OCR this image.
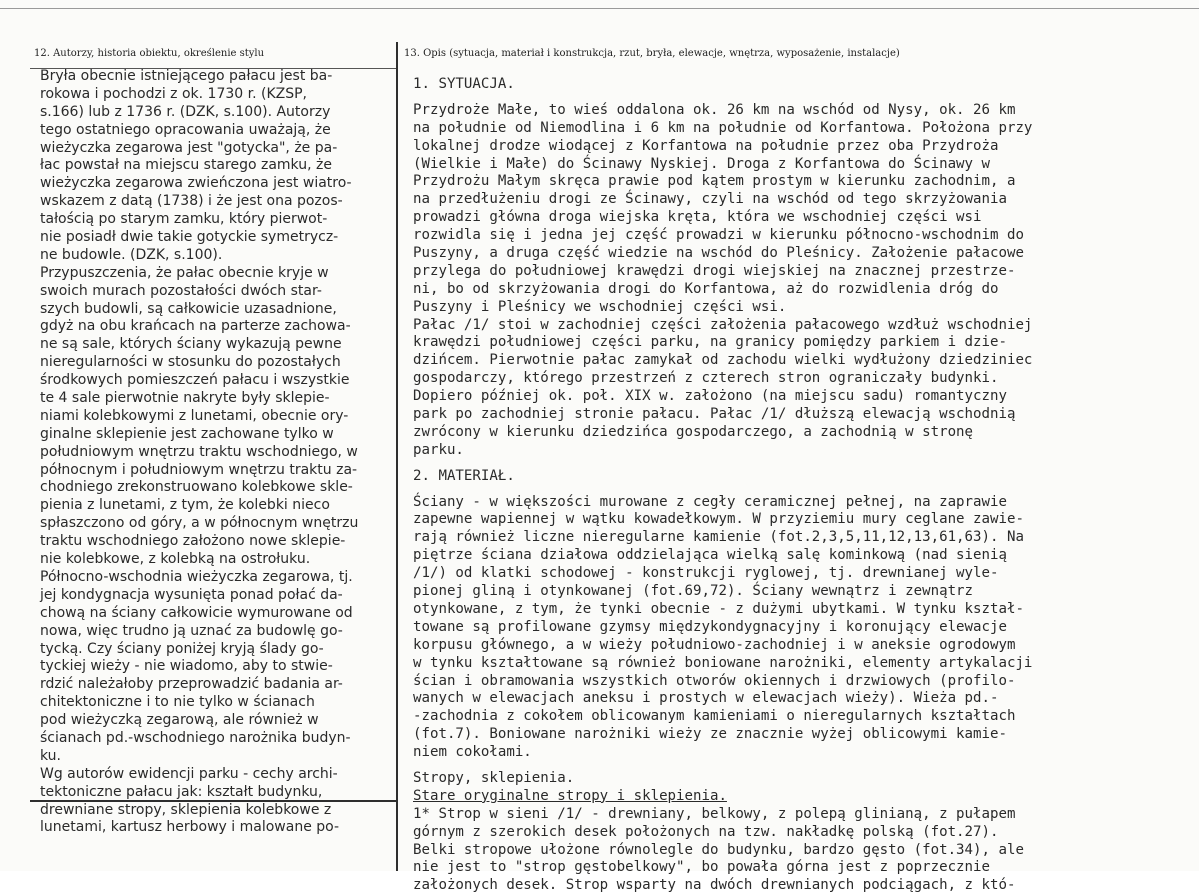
12. Autorzy, historia obiektu, określenie stylu	13. Opis (sytuacja, materiał i konstrukcja, rzut, bryła, elewacje, wnętrza, wyposażenie, instalacje)
Bryła obecnie istniejącego pałacu jest ba-
rokowa i pochodzi z ok. 1730 r. (KZSP,
s.166) lub z 1736 r. (DZK, s.100). Autorzy
tego ostatniego opracowania uważają, że
wieżyczka zegarowa jest "gotycka", że pa-
łac powstał na miejscu starego zamku, że
wieżyczka zegarowa zwieńczona jest wiatro-
wskazem z datą (1738) i że jest ona pozos-
tałością po starym zamku, który pierwot-
nie posiadł dwie takie gotyckie symetrycz-
ne budowle. (DZK, s.100).
Przypuszczenia, że pałac obecnie kryje w
swoich murach pozostałości dwóch star-
szych budowli, są całkowicie uzasadnione,
gdyż na obu krańcach na parterze zachowa-
ne są sale, których ściany wykazują pewne
nieregularności w stosunku do pozostałych
środkowych pomieszczeń pałacu i wszystkie
te 4 sale pierwotnie nakryte były sklepie-
niami kolebkowymi z lunetami, obecnie ory-
ginalne sklepienie jest zachowane tylko w
południowym wnętrzu traktu wschodniego, w
północnym i południowym wnętrzu traktu za-
chodniego zrekonstruowano kolebkowe skle-
pienia z lunetami, z tym, że kolebki nieco
spłaszczono od góry, a w północnym wnętrzu
traktu wschodniego założono nowe sklepie-
nie kolebkowe, z kolebką na ostrołuku.
Północno-wschodnia wieżyczka zegarowa, tj.
jej kondygnacja wysunięta ponad połać da-
chową na ściany całkowicie wymurowane od
nowa, więc trudno ją uznać za budowlę go-
tycką. Czy ściany poniżej kryją ślady go-
tyckiej wieży - nie wiadomo, aby to stwie-
rdzić należałoby przeprowadzić badania ar-
chitektoniczne i to nie tylko w ścianach
pod wieżyczką zegarową, ale również w
ścianach pd.-wschodniego narożnika budyn-
ku.
Wg autorów ewidencji parku - cechy archi-
tektoniczne pałacu jak: kształt budynku,
drewniane stropy, sklepienia kolebkowe z
lunetami, kartusz herbowy i malowane po-
1. SYTUACJA.
Przydroże Małe, to wieś oddalona ok. 26 km na wschód od Nysy, ok. 26 km
na południe od Niemodlina i 6 km na południe od Korfantowa. Położona przy
lokalnej drodze wiodącej z Korfantowa na południe przez oba Przydroża
(Wielkie i Małe) do Ścinawy Nyskiej. Droga z Korfantowa do Ścinawy w
Przydrożu Małym skręca prawie pod kątem prostym w kierunku zachodnim, a
na przedłużeniu drogi ze Ścinawy, czyli na wschód od tego skrzyżowania
prowadzi główna droga wiejska kręta, która we wschodniej części wsi
rozwidla się i jedna jej część prowadzi w kierunku północno-wschodnim do
Puszyny, a druga część wiedzie na wschód do Pleśnicy. Założenie pałacowe
przylega do południowej krawędzi drogi wiejskiej na znacznej przestrze-
ni, bo od skrzyżowania drogi do Korfantowa, aż do rozwidlenia dróg do
Puszyny i Pleśnicy we wschodniej części wsi.
Pałac /1/ stoi w zachodniej części założenia pałacowego wzdłuż wschodniej
krawędzi południowej części parku, na granicy pomiędzy parkiem i dzie-
dzińcem. Pierwotnie pałac zamykał od zachodu wielki wydłużony dziedziniec
gospodarczy, którego przestrzeń z czterech stron ograniczały budynki.
Dopiero później ok. poł. XIX w. założono (na miejscu sadu) romantyczny
park po zachodniej stronie pałacu. Pałac /1/ dłuższą elewacją wschodnią
zwrócony w kierunku dziedzińca gospodarczego, a zachodnią w stronę
parku.
2. MATERIAŁ.
Ściany - w większości murowane z cegły ceramicznej pełnej, na zaprawie
zapewne wapiennej w wątku kowadełkowym. W przyziemiu mury ceglane zawie-
rają również liczne nieregularne kamienie (fot.2,3,5,11,12,13,61,63). Na
piętrze ściana działowa oddzielająca wielką salę kominkową (nad sienią
/1/) od klatki schodowej - konstrukcji ryglowej, tj. drewnianej wyle-
pionej gliną i otynkowanej (fot.69,72). Ściany wewnątrz i zewnątrz
otynkowane, z tym, że tynki obecnie - z dużymi ubytkami. W tynku kształ-
towane są profilowane gzymsy międzykondygnacyjny i koronujący elewacje
korpusu głównego, a w wieży południowo-zachodniej i w aneksie ogrodowym
w tynku kształtowane są również boniowane narożniki, elementy artykalacji
ścian i obramowania wszystkich otworów okiennych i drzwiowych (profilo-
wanych w elewacjach aneksu i prostych w elewacjach wieży). Wieża pd.-
-zachodnia z cokołem oblicowanym kamieniami o nieregularnych kształtach
(fot.7). Boniowane narożniki wieży ze znacznie wyżej oblicowymi kamie-
niem cokołami.
Stropy, sklepienia.
Stare oryginalne stropy i sklepienia.
1* Strop w sieni /1/ - drewniany, belkowy, z polepą glinianą, z pułapem
górnym z szerokich desek położonych na tzw. nakładkę polską (fot.27).
Belki stropowe ułożone równolegle do budynku, bardzo gęsto (fot.34), ale
nie jest to "strop gęstobelkowy", bo powała górna jest z poprzecznie
założonych desek. Strop wsparty na dwóch drewnianych podciągach, z któ-
